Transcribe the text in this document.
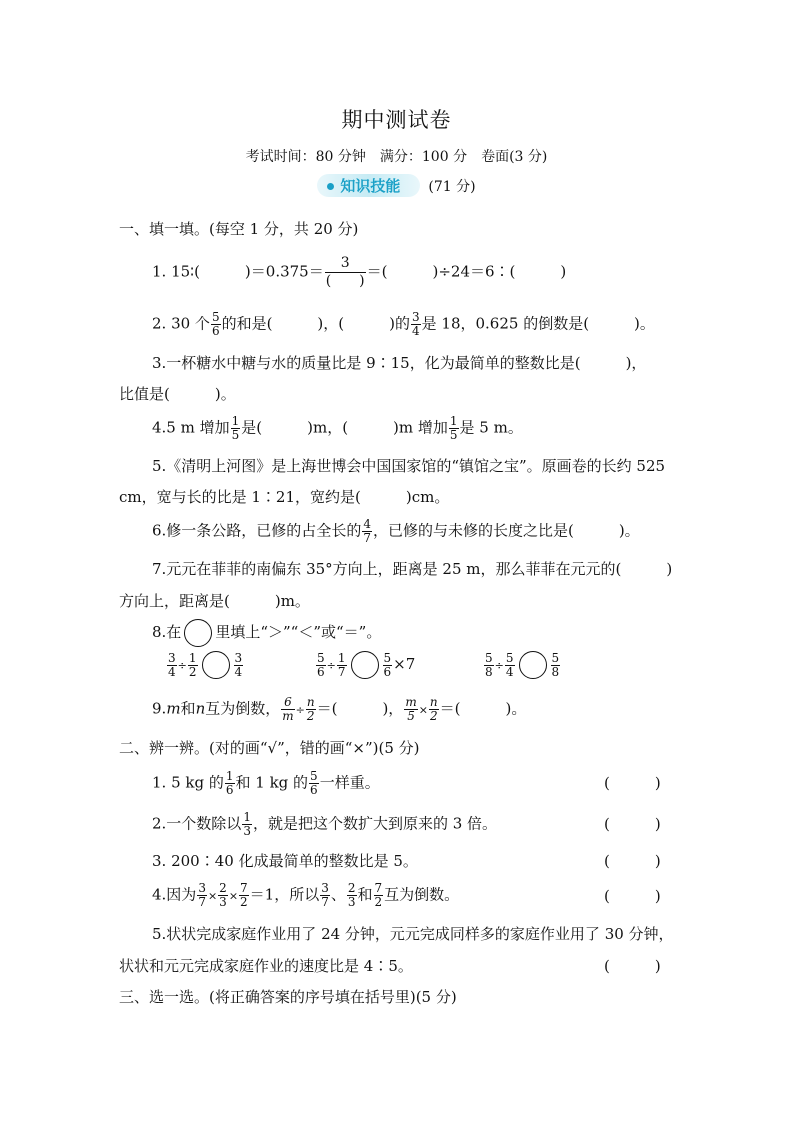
期中测试卷
考试时间：80 分钟　满分：100 分　卷面(3 分)
知识技能 (71 分)
一、填一填。(每空 1 分，共 20 分)
1. 15∶(　　　)$=0.375= \frac{3}{( )}$ ＝(　　　)÷24＝6∶(　　　)
2. 30 个 $\frac{5}{6}$ 的和是(　　　)，(　　　)的 $\frac{3}{4}$ 是 18，0.625 的倒数是(　　　)。
3.一杯糖水中糖与水的质量比是 9∶15，化为最简单的整数比是(　　　)，
比值是(　　　)。
4.5 m 增加 $\frac{1}{5}$ 是(　　　)m，(　　　)m 增加 $\frac{1}{5}$ 是 5 m。
5.《清明上河图》是上海世博会中国国家馆的“镇馆之宝”。原画卷的长约 525
cm，宽与长的比是 1∶21，宽约是(　　　)cm。
6.修一条公路，已修的占全长的 $\frac{4}{7}$ ，已修的与未修的长度之比是(　　　)。
7.元元在菲菲的南偏东 35°方向上，距离是 25 m，那么菲菲在元元的(　　　)
方向上，距离是(　　　)m。
8.在 里填上“＞”“＜”或“＝”。
$\frac{3}{4} \div \frac{1}{2}$	$\frac{3}{4}$	$\frac{5}{6} \div \frac{1}{7}$	$\frac{5}{6} \times 7$	$\frac{5}{8} \div \frac{5}{4}$	$\frac{5}{8}$
9.m和n互为倒数， $\frac{6}{m} \div \frac{n}{2}$ ＝(　　　)， $\frac{m}{5} \times \frac{n}{2}$ ＝(　　　)。
二、辨一辨。(对的画“√”，错的画“×”)(5 分)
1. 5 kg 的 $\frac{1}{6}$ 和 1 kg 的 $\frac{5}{6}$ 一样重。	(　　　)
2.一个数除以 $\frac{1}{3}$ ，就是把这个数扩大到原来的 3 倍。	(　　　)
3. 200∶40 化成最简单的整数比是 5。	(　　　)
4.因为 $\frac{3}{7} \times \frac{2}{3} \times \frac{7}{2} =1$，所以 $\frac{3}{7}$ 、 $\frac{2}{3}$ 和 $\frac{7}{2}$ 互为倒数。	(　　　)
5.状状完成家庭作业用了 24 分钟，元元完成同样多的家庭作业用了 30 分钟，
状状和元元完成家庭作业的速度比是 4∶5。	(　　　)
三、选一选。(将正确答案的序号填在括号里)(5 分)
